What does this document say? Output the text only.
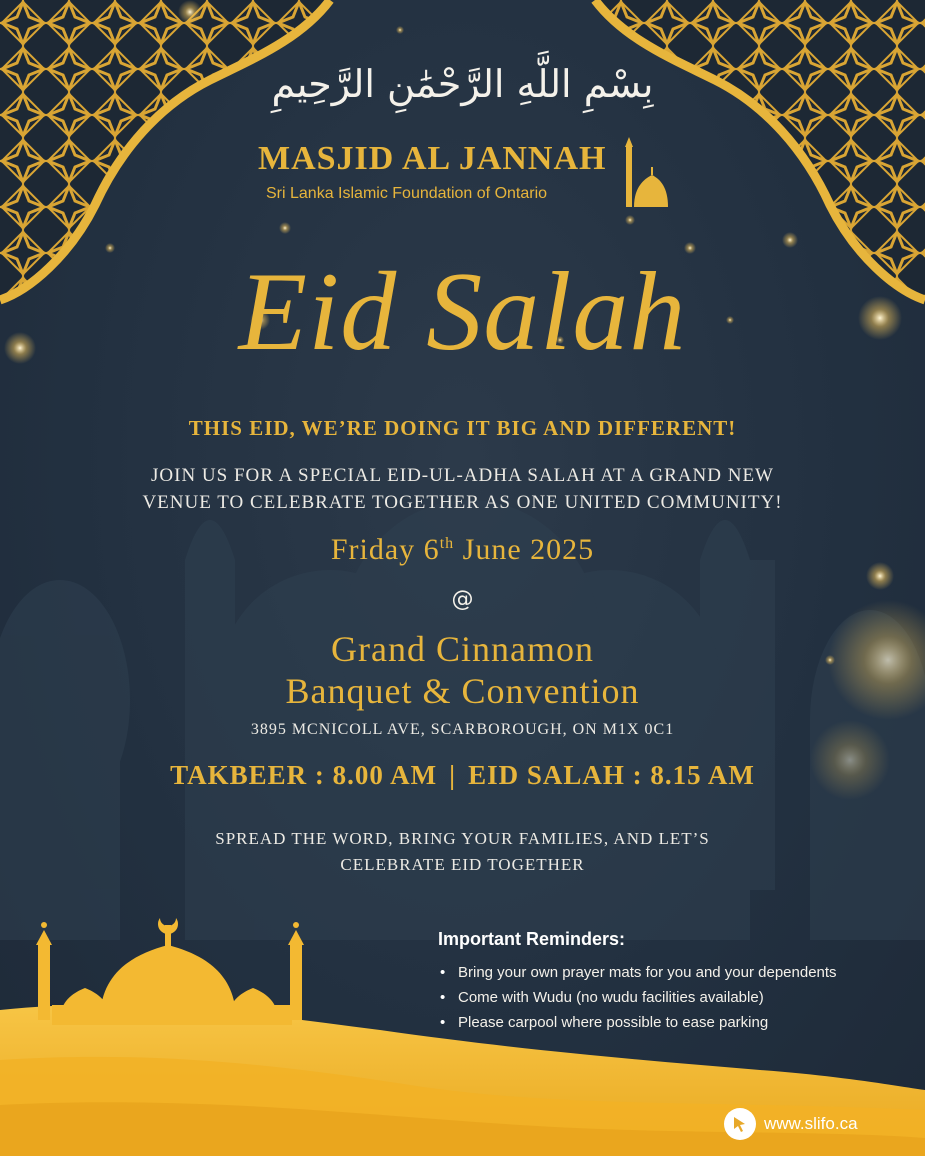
بِسْمِ اللَّهِ الرَّحْمَٰنِ الرَّحِيمِ
MASJID AL JANNAH
Sri Lanka Islamic Foundation of Ontario
Eid Salah
THIS EID, WE’RE DOING IT BIG AND DIFFERENT!
JOIN US FOR A SPECIAL EID-UL-ADHA SALAH AT A GRAND NEW
VENUE TO CELEBRATE TOGETHER AS ONE UNITED COMMUNITY!
Friday 6th June 2025
@
Grand Cinnamon
Banquet & Convention
3895 MCNICOLL AVE, SCARBOROUGH, ON M1X 0C1
TAKBEER : 8.00 AM | EID SALAH : 8.15 AM
SPREAD THE WORD, BRING YOUR FAMILIES, AND LET’S
CELEBRATE EID TOGETHER
Important Reminders:
• Bring your own prayer mats for you and your dependents
• Come with Wudu (no wudu facilities available)
• Please carpool where possible to ease parking
www.slifo.ca
